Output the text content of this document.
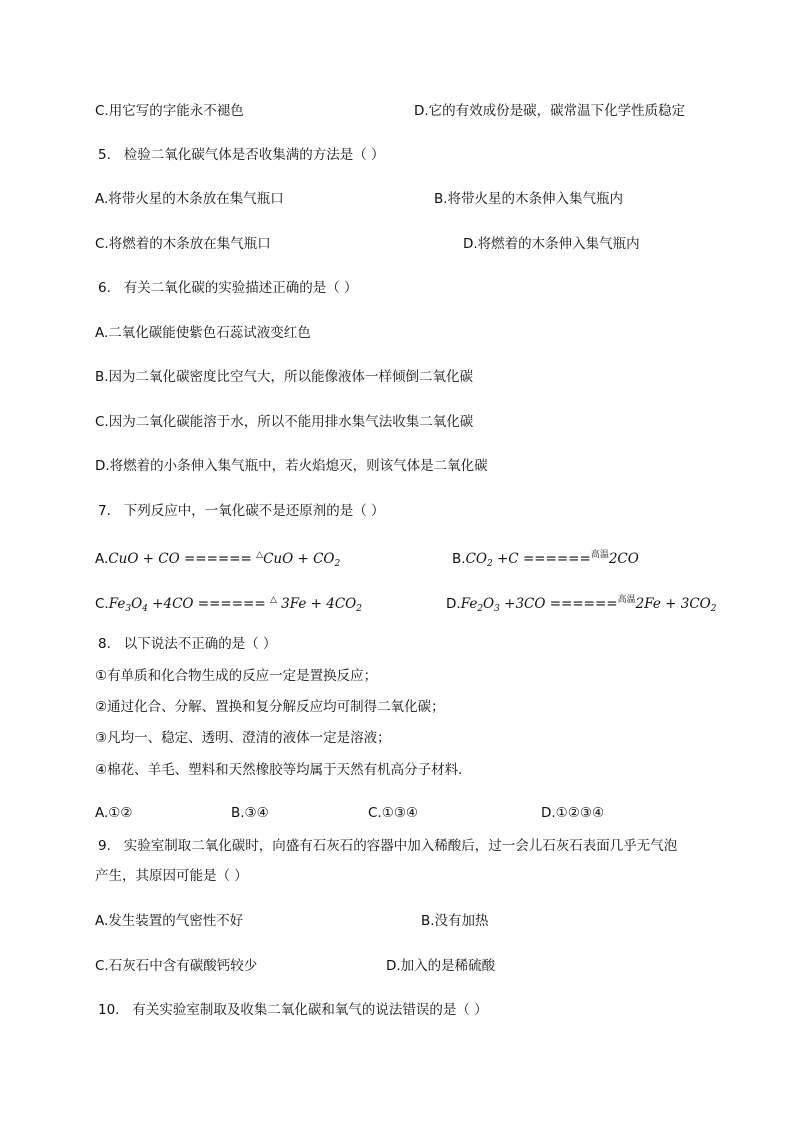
C.用它写的字能永不褪色	D.它的有效成份是碳，碳常温下化学性质稳定
5.   检验二氧化碳气体是否收集满的方法是（ ）
A.将带火星的木条放在集气瓶口	B.将带火星的木条伸入集气瓶内
C.将燃着的木条放在集气瓶口	D.将燃着的木条伸入集气瓶内
6.   有关二氧化碳的实验描述正确的是（ ）
A.二氧化碳能使紫色石蕊试液变红色
B.因为二氧化碳密度比空气大，所以能像液体一样倾倒二氧化碳
C.因为二氧化碳能溶于水，所以不能用排水集气法收集二氧化碳
D.将燃着的小条伸入集气瓶中，若火焰熄灭，则该气体是二氧化碳
7.   下列反应中，一氧化碳不是还原剂的是（ ）
A.CuO + CO ====== $^\triangle CuO + CO_2$	$B.CO_2 +C ======^{高温}2CO$
$C.Fe_3O_4 +4CO$ ====== △ $3Fe + 4CO_2$	$D.Fe_2O_3 +3CO ======^{高温}2Fe + 3CO_2$
8.   以下说法不正确的是（ ）
①有单质和化合物生成的反应一定是置换反应；
②通过化合、分解、置换和复分解反应均可制得二氧化碳；
③凡均一、稳定、透明、澄清的液体一定是溶液；
④棉花、羊毛、塑料和天然橡胶等均属于天然有机高分子材料．
A.①②	B.③④	C.①③④	D.①②③④
9.   实验室制取二氧化碳时，向盛有石灰石的容器中加入稀酸后，过一会儿石灰石表面几乎无气泡
产生，其原因可能是（ ）
A.发生装置的气密性不好	B.没有加热
C.石灰石中含有碳酸钙较少	D.加入的是稀硫酸
10.   有关实验室制取及收集二氧化碳和氧气的说法错误的是（ ）
